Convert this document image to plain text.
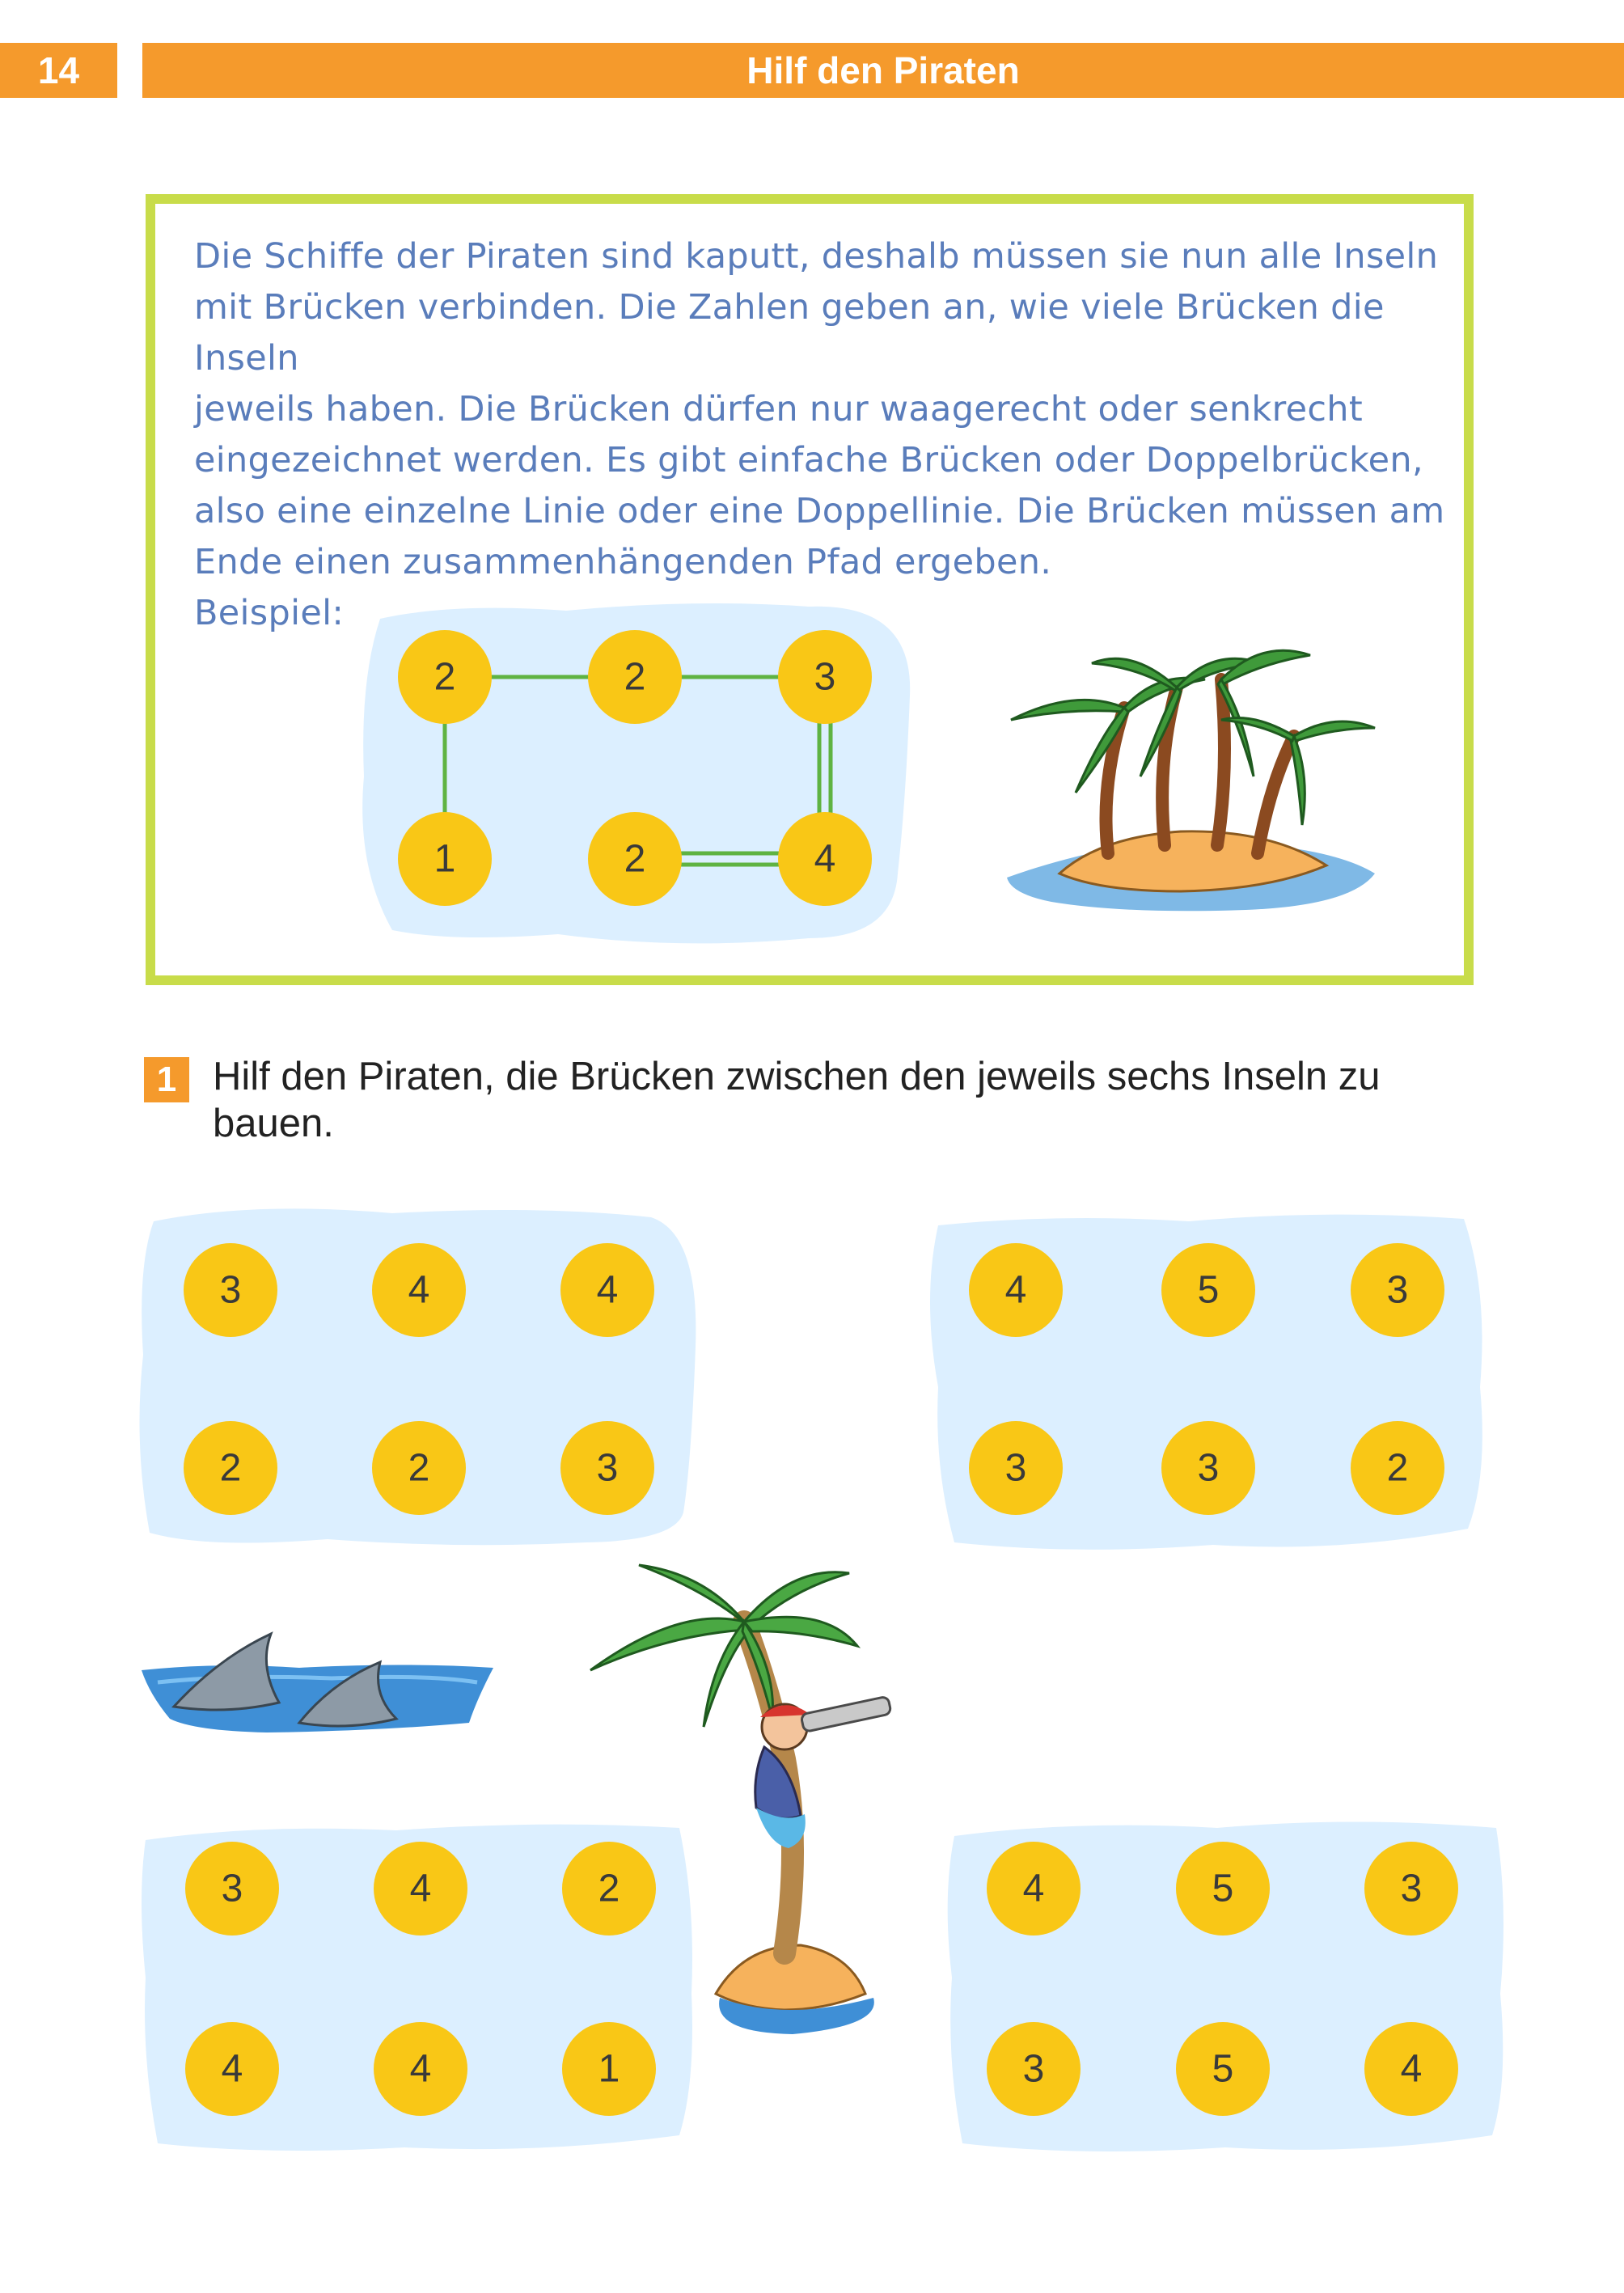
14	Hilf den Piraten

Die Schiffe der Piraten sind kaputt, deshalb müssen sie nun alle Inseln
mit Brücken verbinden. Die Zahlen geben an, wie viele Brücken die Inseln
jeweils haben. Die Brücken dürfen nur waagerecht oder senkrecht
eingezeichnet werden. Es gibt einfache Brücken oder Doppelbrücken,
also eine einzelne Linie oder eine Doppellinie. Die Brücken müssen am
Ende einen zusammenhängenden Pfad ergeben.
Beispiel:

2	2	3
1	2	4
1 Hilf den Piraten, die Brücken zwischen den jeweils sechs Inseln zu bauen.

3	4	4
2	2	3
4	5	3
3	3	2
3	4	2
4	4	1
4	5	3
3	5	4
